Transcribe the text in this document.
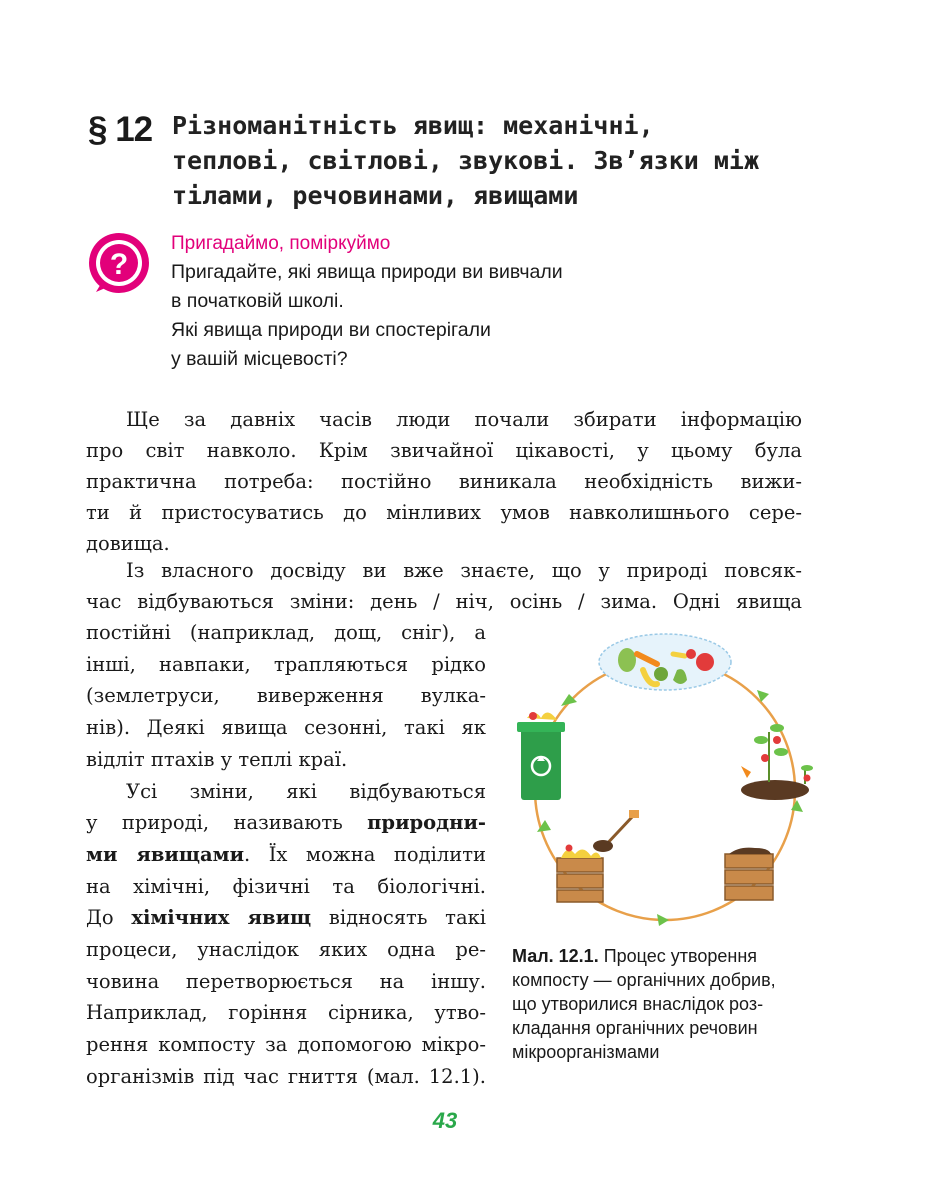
§ 12 Різноманітність явищ: механічні,
теплові, світлові, звукові. Зв’язки між
тілами, речовинами, явищами
?
Пригадаймо, поміркуймо
Пригадайте, які явища природи ви вивчали
в початковій школі.
Які явища природи ви спостерігали
у вашій місцевості?
Ще за давніх часів люди почали збирати інформацію
про світ навколо. Крім звичайної цікавості, у цьому була
практична потреба: постійно виникала необхідність вижи-
ти й пристосуватись до мінливих умов навколишнього сере-
довища.
Із власного досвіду ви вже знаєте, що у природі повсяк-
час відбуваються зміни: день / ніч, осінь / зима. Одні явища
постійні (наприклад, дощ, сніг), а
інші, навпаки, трапляються рідко
(землетруси, виверження вулка-
нів). Деякі явища сезонні, такі як
відліт птахів у теплі краї.
Усі зміни, які відбуваються
у природі, називають природни-
ми явищами. Їх можна поділити
на хімічні, фізичні та біологічні.
До хімічних явищ відносять такі
процеси, унаслідок яких одна ре-
човина перетворюється на іншу.
Наприклад, горіння сірника, утво-
рення компосту за допомогою мікро-
організмів під час гниття (мал. 12.1).
Мал. 12.1. Процес утворення
компосту — органічних добрив,
що утворилися внаслідок роз-
кладання органічних речовин
мікроорганізмами
43
